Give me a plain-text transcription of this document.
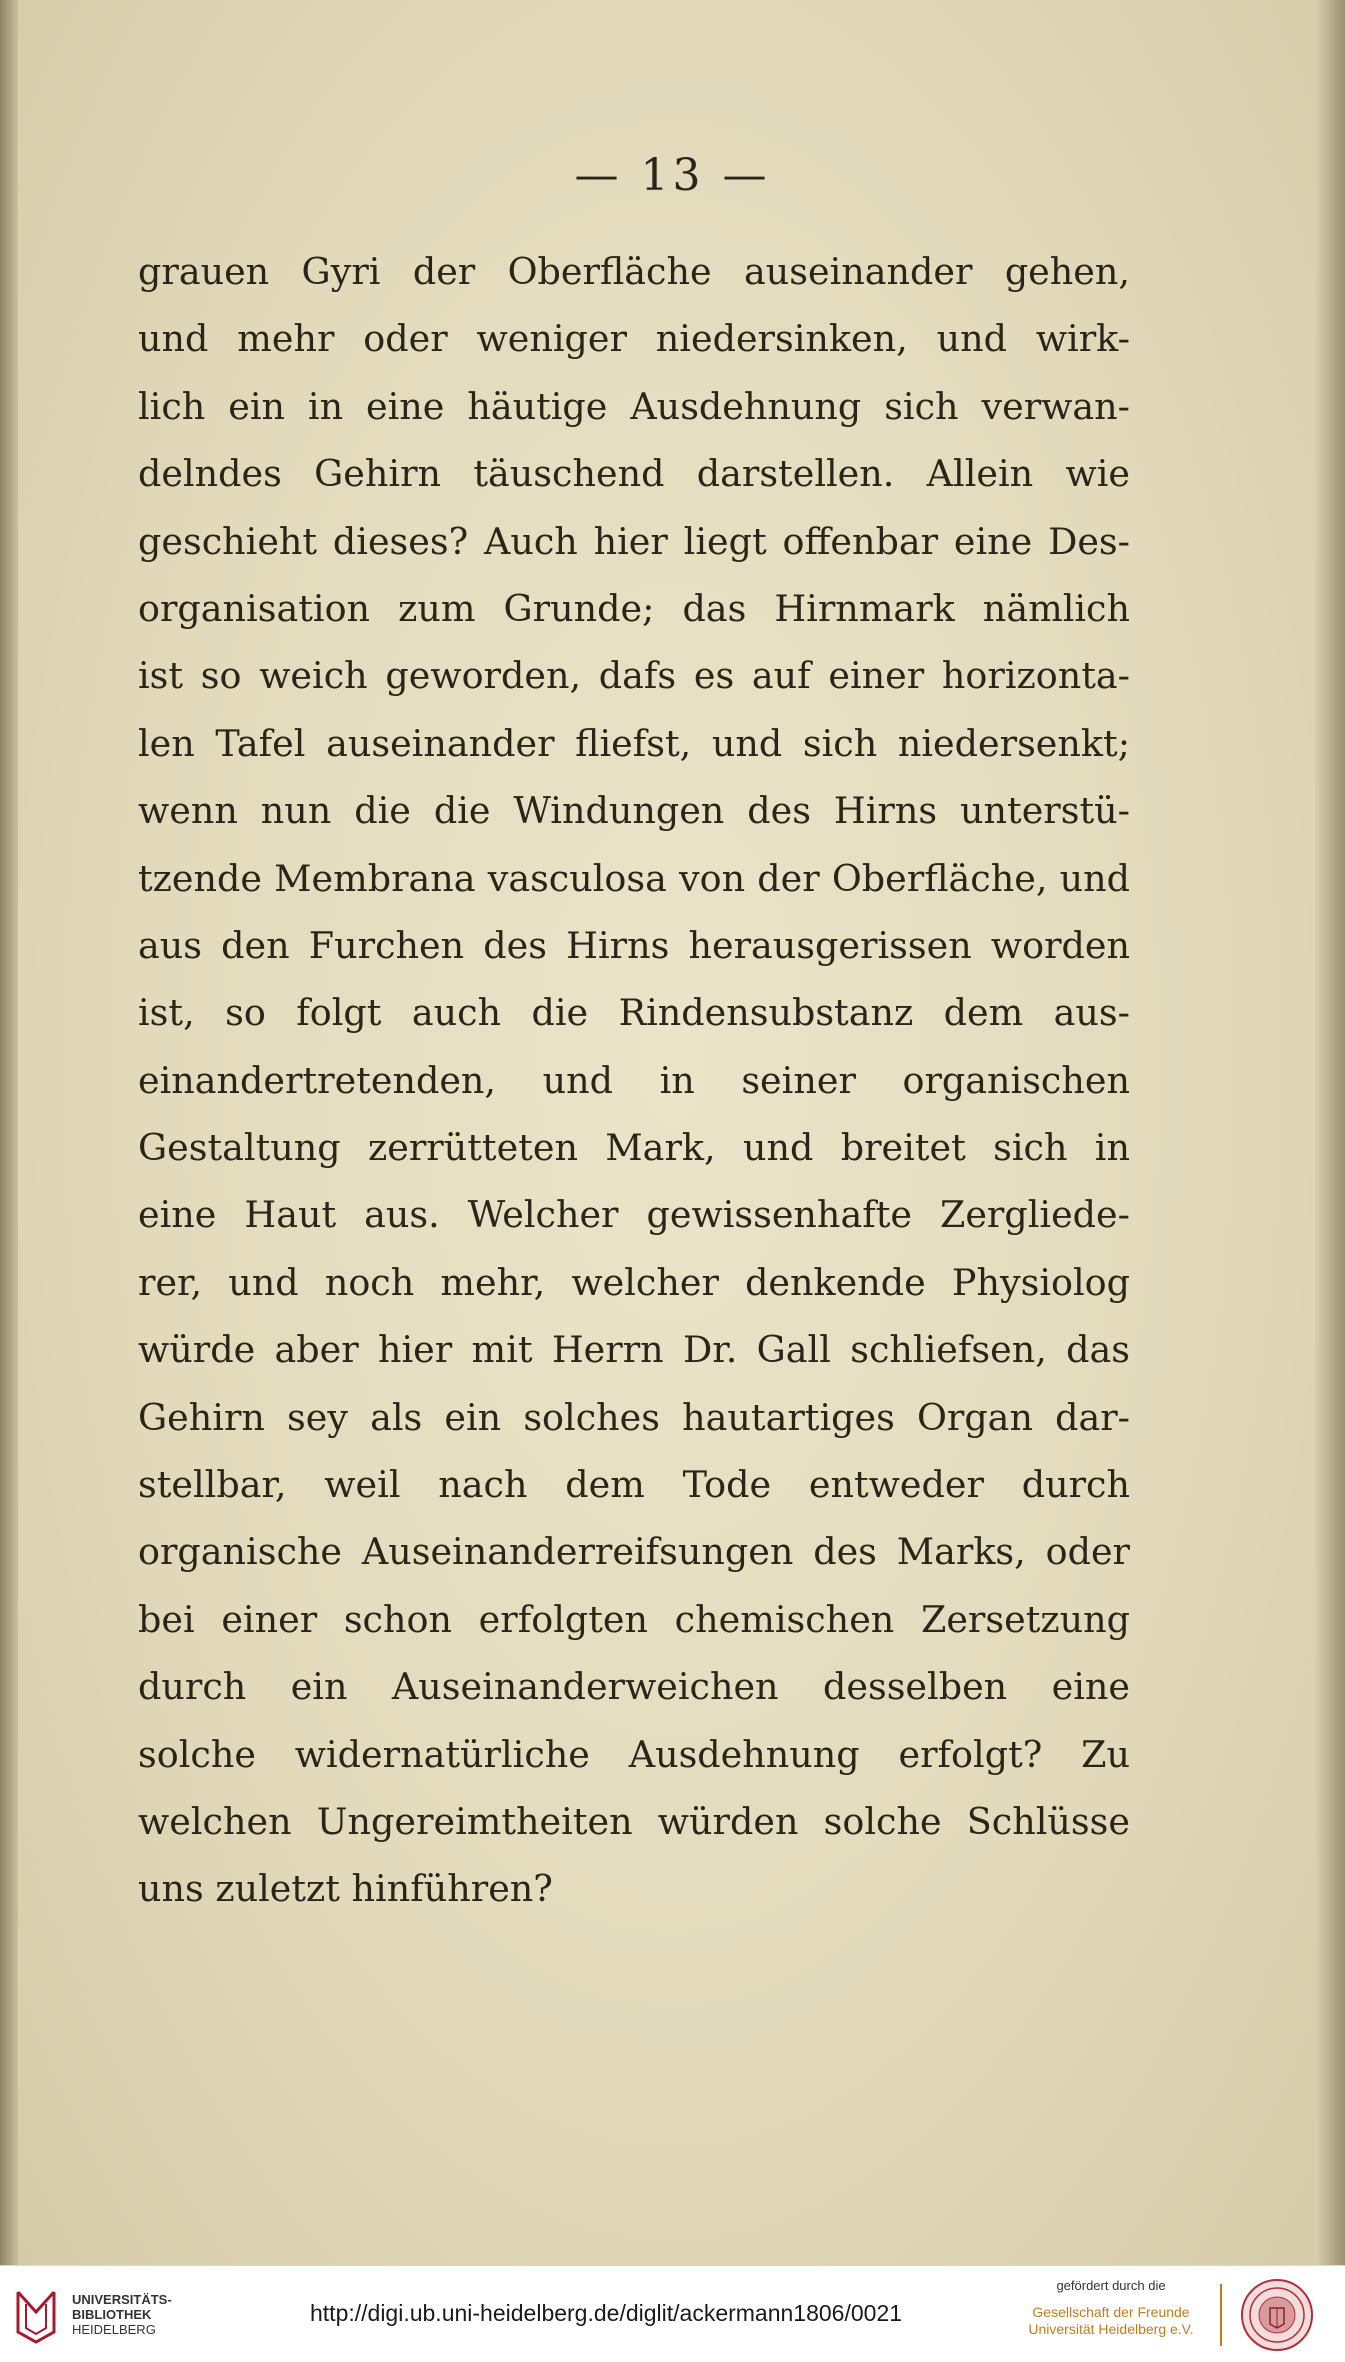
— 13 —
grauen Gyri der Oberfläche auseinander gehen,
und mehr oder weniger niedersinken, und wirk-
lich ein in eine häutige Ausdehnung sich verwan-
delndes Gehirn täuschend darstellen. Allein wie
geschieht dieses? Auch hier liegt offenbar eine Des-
organisation zum Grunde; das Hirnmark nämlich
ist so weich geworden, dafs es auf einer horizonta-
len Tafel auseinander fliefst, und sich niedersenkt;
wenn nun die die Windungen des Hirns unterstü-
tzende Membrana vasculosa von der Oberfläche, und
aus den Furchen des Hirns herausgerissen worden
ist, so folgt auch die Rindensubstanz dem aus-
einandertretenden, und in seiner organischen
Gestaltung zerrütteten Mark, und breitet sich in
eine Haut aus. Welcher gewissenhafte Zergliede-
rer, und noch mehr, welcher denkende Physiolog
würde aber hier mit Herrn Dr. Gall schliefsen, das
Gehirn sey als ein solches hautartiges Organ dar-
stellbar, weil nach dem Tode entweder durch
organische Auseinanderreifsungen des Marks, oder
bei einer schon erfolgten chemischen Zersetzung
durch ein Auseinanderweichen desselben eine
solche widernatürliche Ausdehnung erfolgt? Zu
welchen Ungereimtheiten würden solche Schlüsse
uns zuletzt hinführen?
UNIVERSITÄTS-
BIBLIOTHEK
HEIDELBERG
http://digi.ub.uni-heidelberg.de/diglit/ackermann1806/0021
gefördert durch die
Gesellschaft der Freunde
Universität Heidelberg e.V.
